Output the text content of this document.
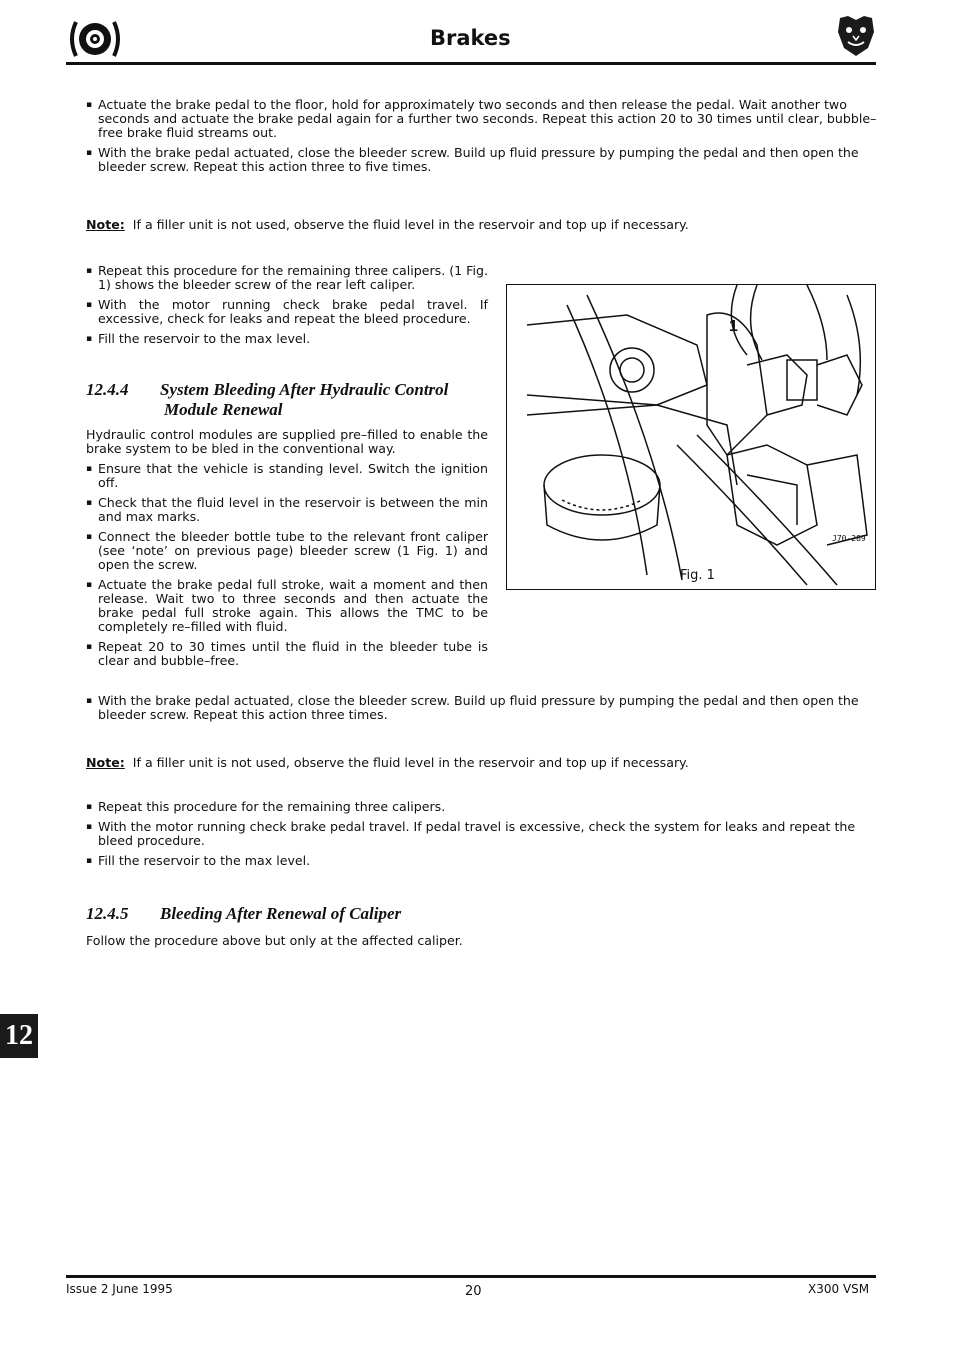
Brakes
▪ Actuate the brake pedal to the floor, hold for approximately two seconds and then release the pedal. Wait another two seconds and actuate the brake pedal again for a further two seconds. Repeat this action 20 to 30 times until clear, bubble–free brake fluid streams out.
▪ With the brake pedal actuated, close the bleeder screw. Build up fluid pressure by pumping the pedal and then open the bleeder screw. Repeat this action three to five times.

Note: If a filler unit is not used, observe the fluid level in the reservoir and top up if necessary.

▪ Repeat this procedure for the remaining three calipers. (1 Fig. 1) shows the bleeder screw of the rear left caliper.
▪ With the motor running check brake pedal travel. If excessive, check for leaks and repeat the bleed procedure.
▪ Fill the reservoir to the max level.
12.4.4 System Bleeding After Hydraulic Control
Module Renewal

Hydraulic control modules are supplied pre–filled to enable the brake system to be bled in the conventional way.

▪ Ensure that the vehicle is standing level. Switch the ignition off.
▪ Check that the fluid level in the reservoir is between the min and max marks.
▪ Connect the bleeder bottle tube to the relevant front caliper (see ‘note’ on previous page) bleeder screw (1 Fig. 1) and open the screw.
▪ Actuate the brake pedal full stroke, wait a moment and then release. Wait two to three seconds and then actuate the brake pedal full stroke again. This allows the TMC to be completely re–filled with fluid.
▪ Repeat 20 to 30 times until the fluid in the bleeder tube is clear and bubble–free.
▪ With the brake pedal actuated, close the bleeder screw. Build up fluid pressure by pumping the pedal and then open the bleeder screw. Repeat this action three times.

Note: If a filler unit is not used, observe the fluid level in the reservoir and top up if necessary.

▪ Repeat this procedure for the remaining three calipers.
▪ With the motor running check brake pedal travel. If pedal travel is excessive, check the system for leaks and repeat the bleed procedure.
▪ Fill the reservoir to the max level.
12.4.5 Bleeding After Renewal of Caliper

Follow the procedure above but only at the affected caliper.

1
J70-289
Fig. 1
12
Issue 2 June 1995	20	X300 VSM
